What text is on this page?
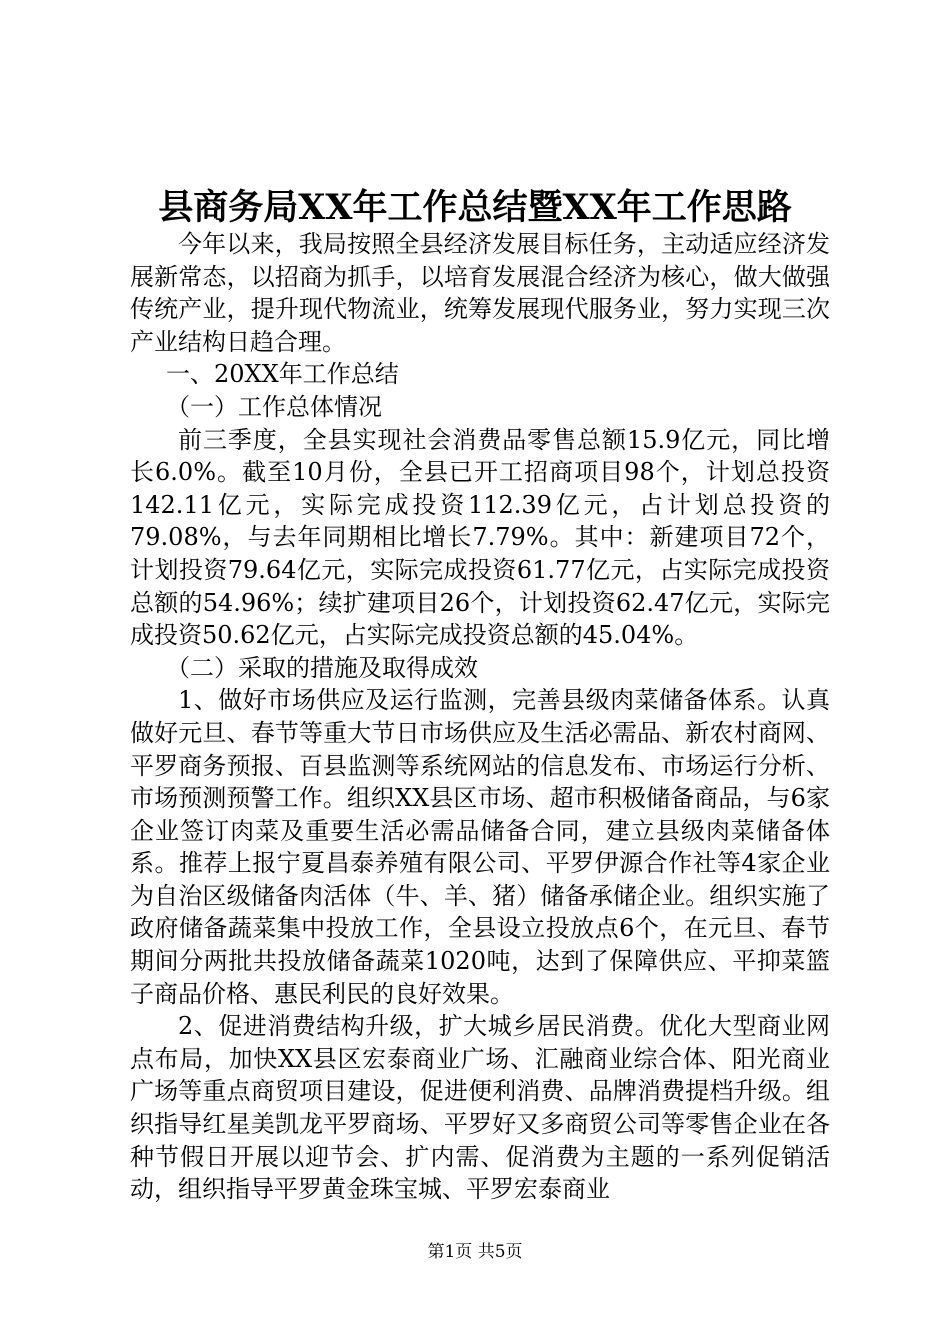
县商务局XX年工作总结暨XX年工作思路

今年以来，我局按照全县经济发展目标任务，主动适应经济发展新常态，以招商为抓手，以培育发展混合经济为核心，做大做强传统产业，提升现代物流业，统筹发展现代服务业，努力实现三次产业结构日趋合理。

一、20XX年工作总结

（一）工作总体情况

前三季度，全县实现社会消费品零售总额15.9亿元，同比增长6.0%。截至10月份，全县已开工招商项目98个，计划总投资142.11亿元，实际完成投资112.39亿元，占计划总投资的79.08%，与去年同期相比增长7.79%。其中：新建项目72个，计划投资79.64亿元，实际完成投资61.77亿元，占实际完成投资总额的54.96%；续扩建项目26个，计划投资62.47亿元，实际完成投资50.62亿元，占实际完成投资总额的45.04%。

（二）采取的措施及取得成效

1、做好市场供应及运行监测，完善县级肉菜储备体系。认真做好元旦、春节等重大节日市场供应及生活必需品、新农村商网、平罗商务预报、百县监测等系统网站的信息发布、市场运行分析、市场预测预警工作。组织XX县区市场、超市积极储备商品，与6家企业签订肉菜及重要生活必需品储备合同，建立县级肉菜储备体系。推荐上报宁夏昌泰养殖有限公司、平罗伊源合作社等4家企业为自治区级储备肉活体（牛、羊、猪）储备承储企业。组织实施了政府储备蔬菜集中投放工作，全县设立投放点6个，在元旦、春节期间分两批共投放储备蔬菜1020吨，达到了保障供应、平抑菜篮子商品价格、惠民利民的良好效果。

2、促进消费结构升级，扩大城乡居民消费。优化大型商业网点布局，加快XX县区宏泰商业广场、汇融商业综合体、阳光商业广场等重点商贸项目建设，促进便利消费、品牌消费提档升级。组织指导红星美凯龙平罗商场、平罗好又多商贸公司等零售企业在各种节假日开展以迎节会、扩内需、促消费为主题的一系列促销活动，组织指导平罗黄金珠宝城、平罗宏泰商业

第1页 共5页
